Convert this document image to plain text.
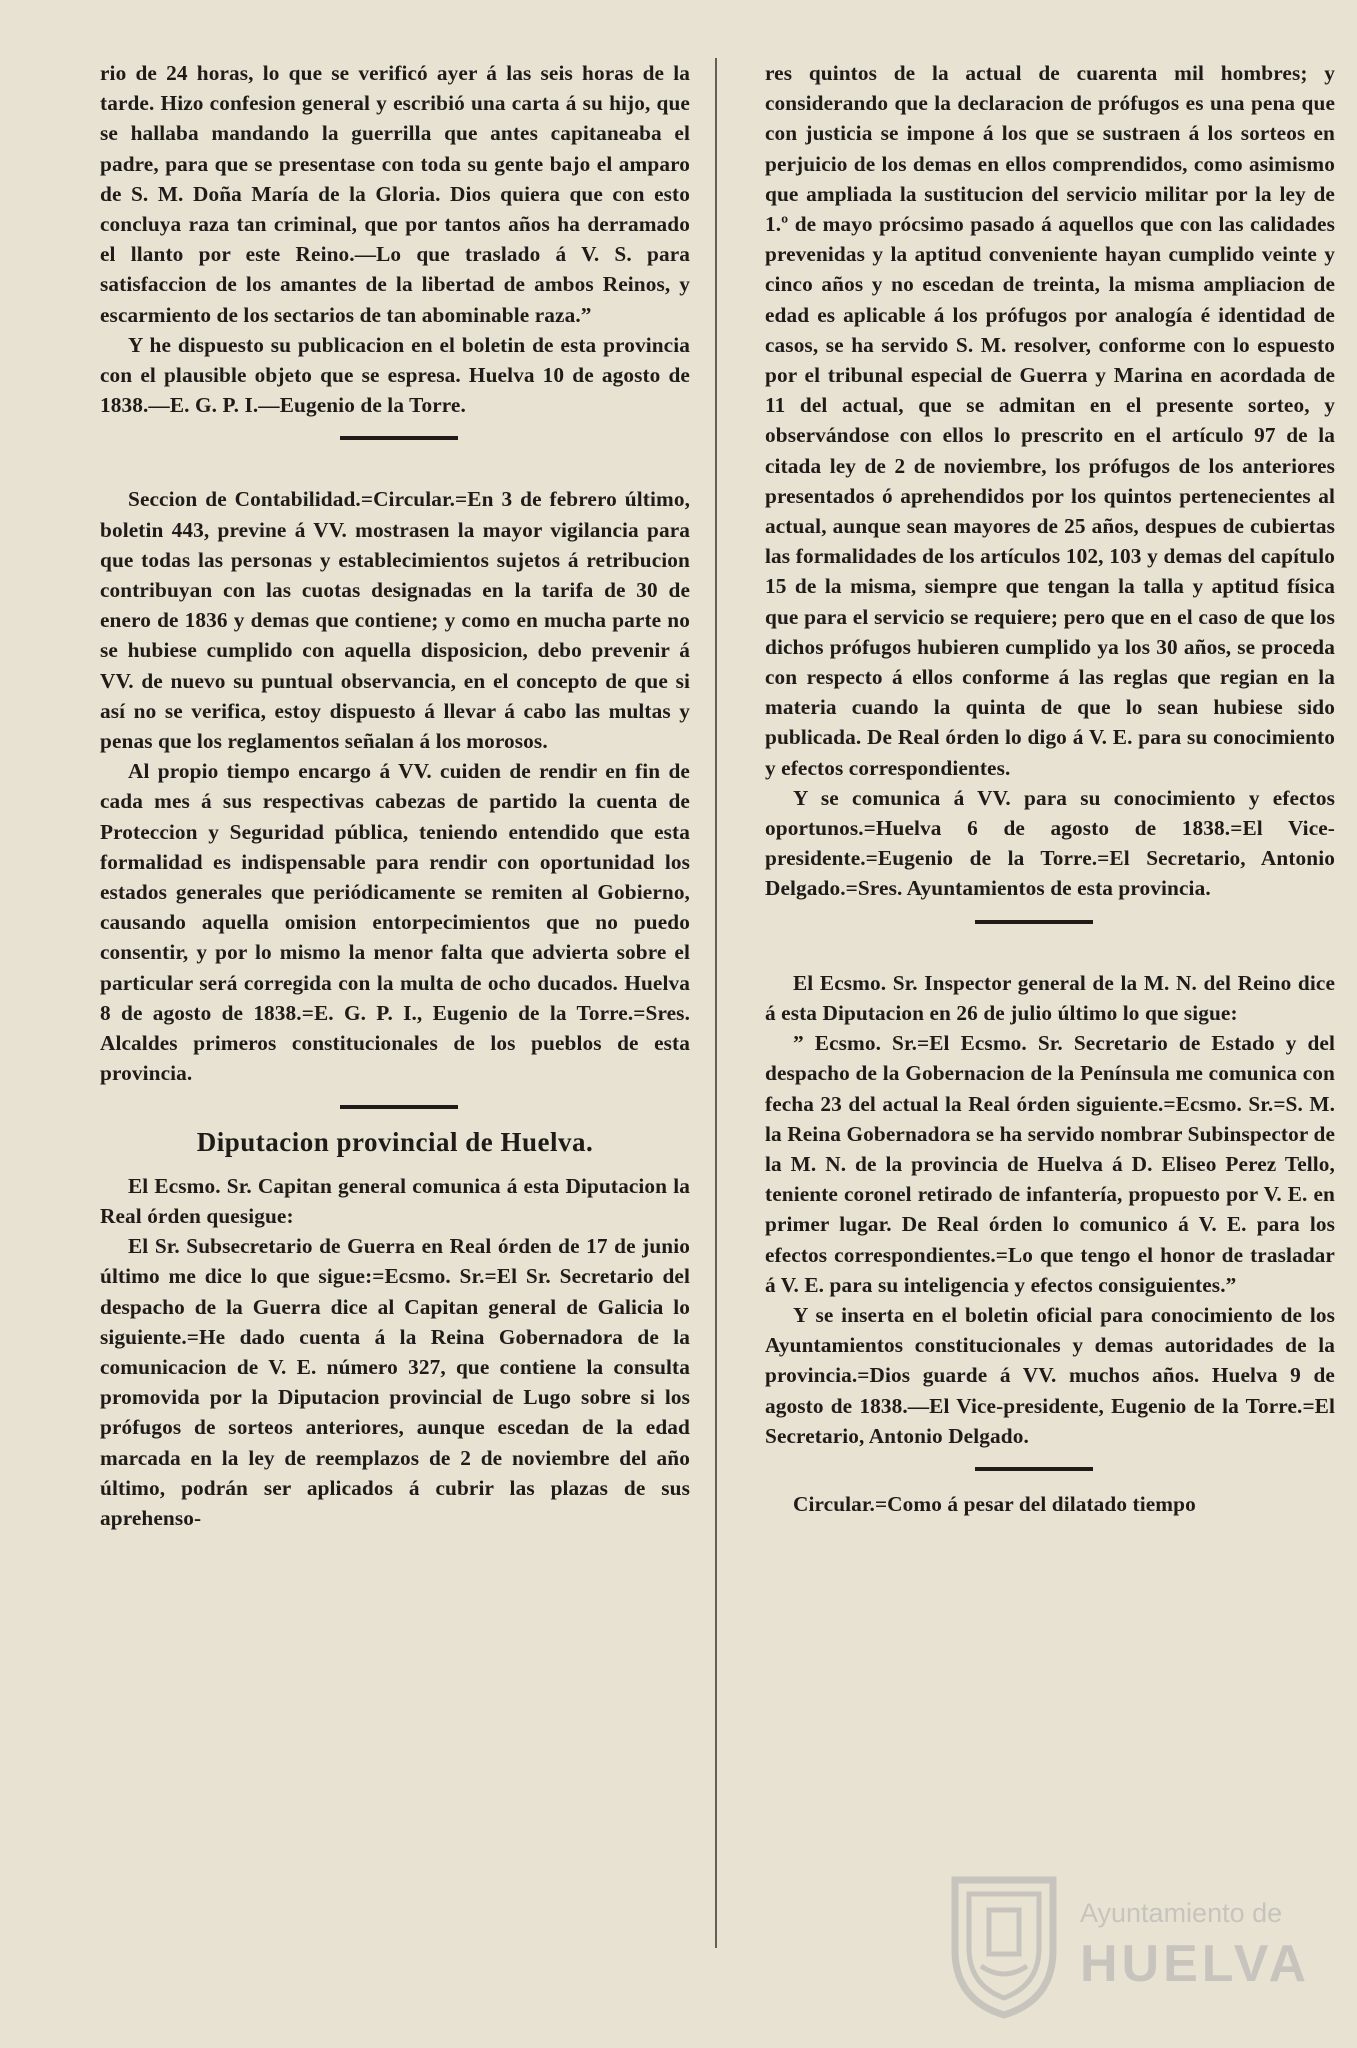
rio de 24 horas, lo que se verificó ayer á las seis horas de la tarde. Hizo confesion general y escribió una carta á su hijo, que se hallaba mandando la guerrilla que antes capitaneaba el padre, para que se presentase con toda su gente bajo el amparo de S. M. Doña María de la Gloria. Dios quiera que con esto concluya raza tan criminal, que por tantos años ha derramado el llanto por este Reino.—Lo que traslado á V. S. para satisfaccion de los amantes de la libertad de ambos Reinos, y escarmiento de los sectarios de tan abominable raza.”

Y he dispuesto su publicacion en el boletin de esta provincia con el plausible objeto que se espresa. Huelva 10 de agosto de 1838.—E. G. P. I.—Eugenio de la Torre.

Seccion de Contabilidad.=Circular.=En 3 de febrero último, boletin 443, previne á VV. mostrasen la mayor vigilancia para que todas las personas y establecimientos sujetos á retribucion contribuyan con las cuotas designadas en la tarifa de 30 de enero de 1836 y demas que contiene; y como en mucha parte no se hubiese cumplido con aquella disposicion, debo prevenir á VV. de nuevo su puntual observancia, en el concepto de que si así no se verifica, estoy dispuesto á llevar á cabo las multas y penas que los reglamentos señalan á los morosos.

Al propio tiempo encargo á VV. cuiden de rendir en fin de cada mes á sus respectivas cabezas de partido la cuenta de Proteccion y Seguridad pública, teniendo entendido que esta formalidad es indispensable para rendir con oportunidad los estados generales que periódicamente se remiten al Gobierno, causando aquella omision entorpecimientos que no puedo consentir, y por lo mismo la menor falta que advierta sobre el particular será corregida con la multa de ocho ducados. Huelva 8 de agosto de 1838.=E. G. P. I., Eugenio de la Torre.=Sres. Alcaldes primeros constitucionales de los pueblos de esta provincia.

Diputacion provincial de Huelva.

El Ecsmo. Sr. Capitan general comunica á esta Diputacion la Real órden quesigue:

El Sr. Subsecretario de Guerra en Real órden de 17 de junio último me dice lo que sigue:=Ecsmo. Sr.=El Sr. Secretario del despacho de la Guerra dice al Capitan general de Galicia lo siguiente.=He dado cuenta á la Reina Gobernadora de la comunicacion de V. E. número 327, que contiene la consulta promovida por la Diputacion provincial de Lugo sobre si los prófugos de sorteos anteriores, aunque escedan de la edad marcada en la ley de reemplazos de 2 de noviembre del año último, podrán ser aplicados á cubrir las plazas de sus aprehenso-

res quintos de la actual de cuarenta mil hombres; y considerando que la declaracion de prófugos es una pena que con justicia se impone á los que se sustraen á los sorteos en perjuicio de los demas en ellos comprendidos, como asimismo que ampliada la sustitucion del servicio militar por la ley de 1.º de mayo prócsimo pasado á aquellos que con las calidades prevenidas y la aptitud conveniente hayan cumplido veinte y cinco años y no escedan de treinta, la misma ampliacion de edad es aplicable á los prófugos por analogía é identidad de casos, se ha servido S. M. resolver, conforme con lo espuesto por el tribunal especial de Guerra y Marina en acordada de 11 del actual, que se admitan en el presente sorteo, y observándose con ellos lo prescrito en el artículo 97 de la citada ley de 2 de noviembre, los prófugos de los anteriores presentados ó aprehendidos por los quintos pertenecientes al actual, aunque sean mayores de 25 años, despues de cubiertas las formalidades de los artículos 102, 103 y demas del capítulo 15 de la misma, siempre que tengan la talla y aptitud física que para el servicio se requiere; pero que en el caso de que los dichos prófugos hubieren cumplido ya los 30 años, se proceda con respecto á ellos conforme á las reglas que regian en la materia cuando la quinta de que lo sean hubiese sido publicada. De Real órden lo digo á V. E. para su conocimiento y efectos correspondientes.

Y se comunica á VV. para su conocimiento y efectos oportunos.=Huelva 6 de agosto de 1838.=El Vice-presidente.=Eugenio de la Torre.=El Secretario, Antonio Delgado.=Sres. Ayuntamientos de esta provincia.

El Ecsmo. Sr. Inspector general de la M. N. del Reino dice á esta Diputacion en 26 de julio último lo que sigue:

” Ecsmo. Sr.=El Ecsmo. Sr. Secretario de Estado y del despacho de la Gobernacion de la Península me comunica con fecha 23 del actual la Real órden siguiente.=Ecsmo. Sr.=S. M. la Reina Gobernadora se ha servido nombrar Subinspector de la M. N. de la provincia de Huelva á D. Eliseo Perez Tello, teniente coronel retirado de infantería, propuesto por V. E. en primer lugar. De Real órden lo comunico á V. E. para los efectos correspondientes.=Lo que tengo el honor de trasladar á V. E. para su inteligencia y efectos consiguientes.”

Y se inserta en el boletin oficial para conocimiento de los Ayuntamientos constitucionales y demas autoridades de la provincia.=Dios guarde á VV. muchos años. Huelva 9 de agosto de 1838.—El Vice-presidente, Eugenio de la Torre.=El Secretario, Antonio Delgado.

Circular.=Como á pesar del dilatado tiempo

Ayuntamiento de
HUELVA
